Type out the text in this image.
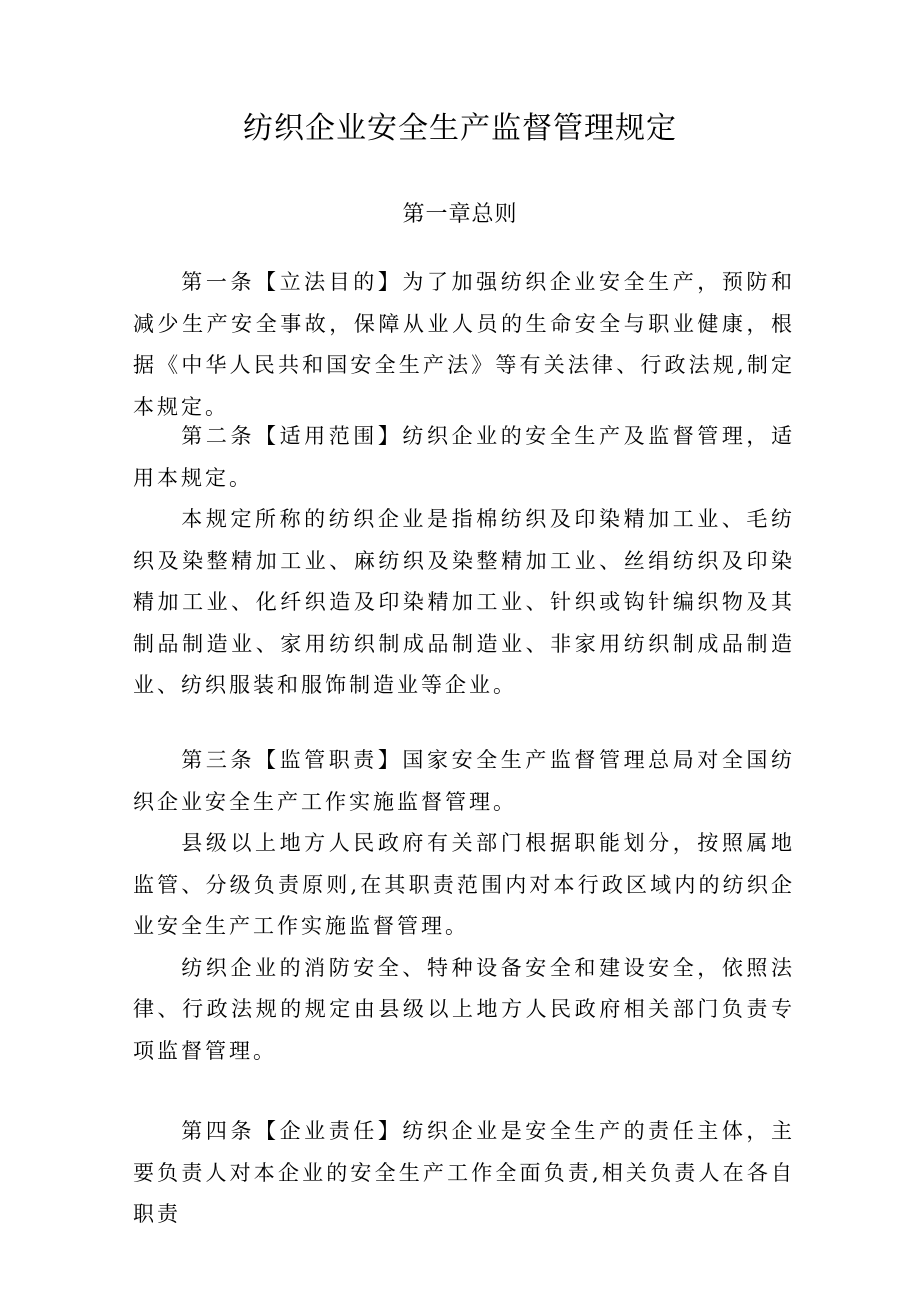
纺织企业安全生产监督管理规定
第一章总则

第一条【立法目的】为了加强纺织企业安全生产，预防和减少生产安全事故，保障从业人员的生命安全与职业健康，根据《中华人民共和国安全生产法》等有关法律、行政法规,制定本规定。

第二条【适用范围】纺织企业的安全生产及监督管理，适用本规定。

本规定所称的纺织企业是指棉纺织及印染精加工业、毛纺织及染整精加工业、麻纺织及染整精加工业、丝绢纺织及印染精加工业、化纤织造及印染精加工业、针织或钩针编织物及其制品制造业、家用纺织制成品制造业、非家用纺织制成品制造业、纺织服装和服饰制造业等企业。

第三条【监管职责】国家安全生产监督管理总局对全国纺织企业安全生产工作实施监督管理。

县级以上地方人民政府有关部门根据职能划分，按照属地监管、分级负责原则,在其职责范围内对本行政区域内的纺织企业安全生产工作实施监督管理。

纺织企业的消防安全、特种设备安全和建设安全，依照法律、行政法规的规定由县级以上地方人民政府相关部门负责专项监督管理。

第四条【企业责任】纺织企业是安全生产的责任主体，主要负责人对本企业的安全生产工作全面负责,相关负责人在各自职责
